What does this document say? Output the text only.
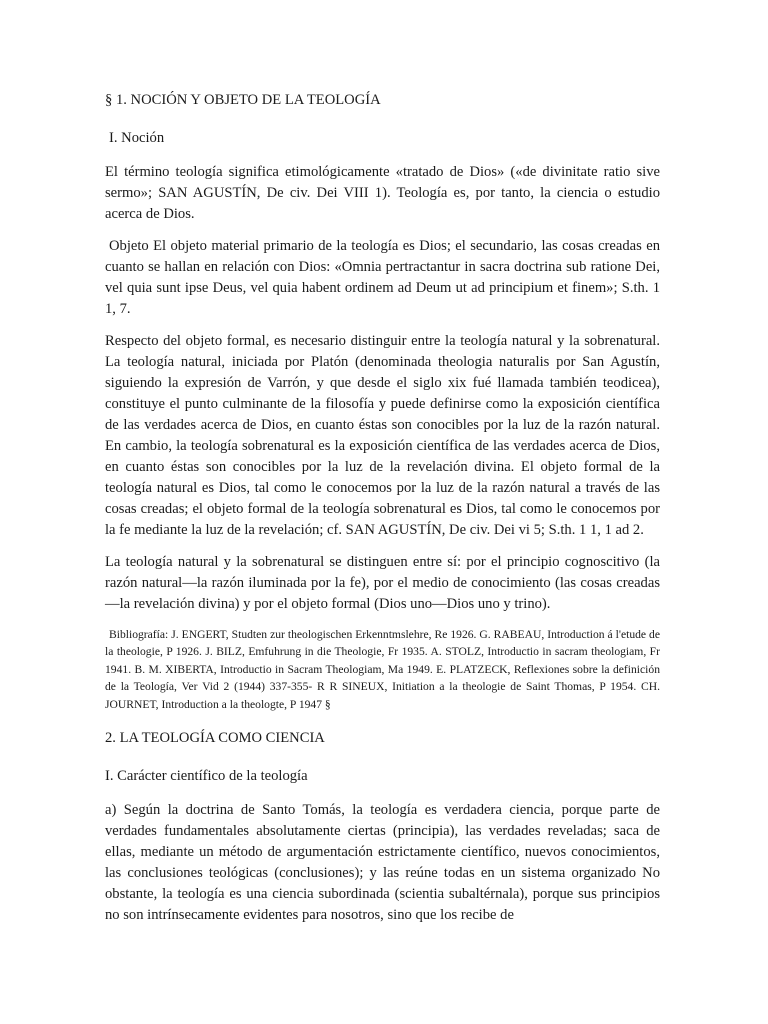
§ 1. NOCIÓN Y OBJETO DE LA TEOLOGÍA
I. Noción

El término teología significa etimológicamente «tratado de Dios» («de divinitate ratio sive sermo»; SAN AGUSTÍN, De civ. Dei VIII 1). Teología es, por tanto, la ciencia o estudio acerca de Dios.

Objeto El objeto material primario de la teología es Dios; el secundario, las cosas creadas en cuanto se hallan en relación con Dios: «Omnia pertractantur in sacra doctrina sub ratione Dei, vel quia sunt ipse Deus, vel quia habent ordinem ad Deum ut ad principium et finem»; S.th. 1 1, 7.

Respecto del objeto formal, es necesario distinguir entre la teología natural y la sobrenatural. La teología natural, iniciada por Platón (denominada theologia naturalis por San Agustín, siguiendo la expresión de Varrón, y que desde el siglo xix fué llamada también teodicea), constituye el punto culminante de la filosofía y puede definirse como la exposición científica de las verdades acerca de Dios, en cuanto éstas son conocibles por la luz de la razón natural. En cambio, la teología sobrenatural es la exposición científica de las verdades acerca de Dios, en cuanto éstas son conocibles por la luz de la revelación divina. El objeto formal de la teología natural es Dios, tal como le conocemos por la luz de la razón natural a través de las cosas creadas; el objeto formal de la teología sobrenatural es Dios, tal como le conocemos por la fe mediante la luz de la revelación; cf. SAN AGUSTÍN, De civ. Dei vi 5; S.th. 1 1, 1 ad 2.

La teología natural y la sobrenatural se distinguen entre sí: por el principio cognoscitivo (la razón natural—la razón iluminada por la fe), por el medio de conocimiento (las cosas creadas—la revelación divina) y por el objeto formal (Dios uno—Dios uno y trino).

Bibliografía: J. ENGERT, Studten zur theologischen Erkenntmslehre, Re 1926. G. RABEAU, Introduction á l'etude de la theologie, P 1926. J. BILZ, Emfuhrung in die Theologie, Fr 1935. A. STOLZ, Introductio in sacram theologiam, Fr 1941. B. M. XIBERTA, Introductio in Sacram Theologiam, Ma 1949. E. PLATZECK, Reflexiones sobre la definición de la Teología, Ver Vid 2 (1944) 337-355- R R SINEUX, Initiation a la theologie de Saint Thomas, P 1954. CH. JOURNET, Introduction a la theologte, P 1947 §

2. LA TEOLOGÍA COMO CIENCIA
I. Carácter científico de la teología

a) Según la doctrina de Santo Tomás, la teología es verdadera ciencia, porque parte de verdades fundamentales absolutamente ciertas (principia), las verdades reveladas; saca de ellas, mediante un método de argumentación estrictamente científico, nuevos conocimientos, las conclusiones teológicas (conclusiones); y las reúne todas en un sistema organizado No obstante, la teología es una ciencia subordinada (scientia subaltérnala), porque sus principios no son intrínsecamente evidentes para nosotros, sino que los recibe de
